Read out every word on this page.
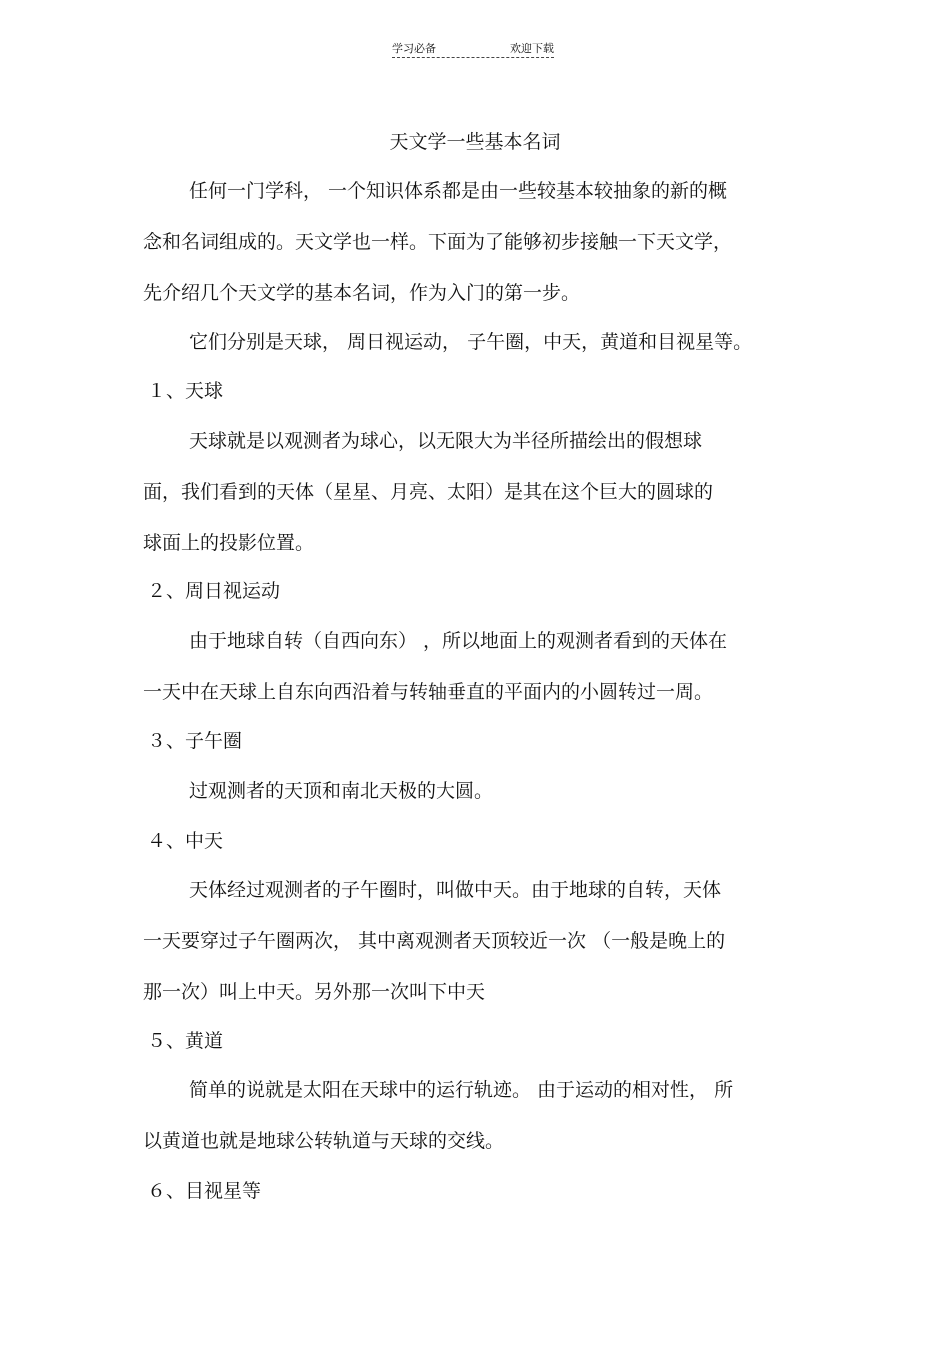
学习必备	欢迎下载
天文学一些基本名词
任何一门学科， 一个知识体系都是由一些较基本较抽象的新的概
念和名词组成的。天文学也一样。下面为了能够初步接触一下天文学，
先介绍几个天文学的基本名词，作为入门的第一步。
它们分别是天球， 周日视运动， 子午圈，中天，黄道和目视星等。
１、天球
天球就是以观测者为球心，以无限大为半径所描绘出的假想球
面，我们看到的天体（星星、月亮、太阳）是其在这个巨大的圆球的
球面上的投影位置。
２、周日视运动
由于地球自转（自西向东） ，所以地面上的观测者看到的天体在
一天中在天球上自东向西沿着与转轴垂直的平面内的小圆转过一周。
３、子午圈
过观测者的天顶和南北天极的大圆。
４、中天
天体经过观测者的子午圈时，叫做中天。由于地球的自转，天体
一天要穿过子午圈两次， 其中离观测者天顶较近一次 （一般是晚上的
那一次）叫上中天。另外那一次叫下中天
５、黄道
简单的说就是太阳在天球中的运行轨迹。 由于运动的相对性， 所
以黄道也就是地球公转轨道与天球的交线。
６、目视星等
